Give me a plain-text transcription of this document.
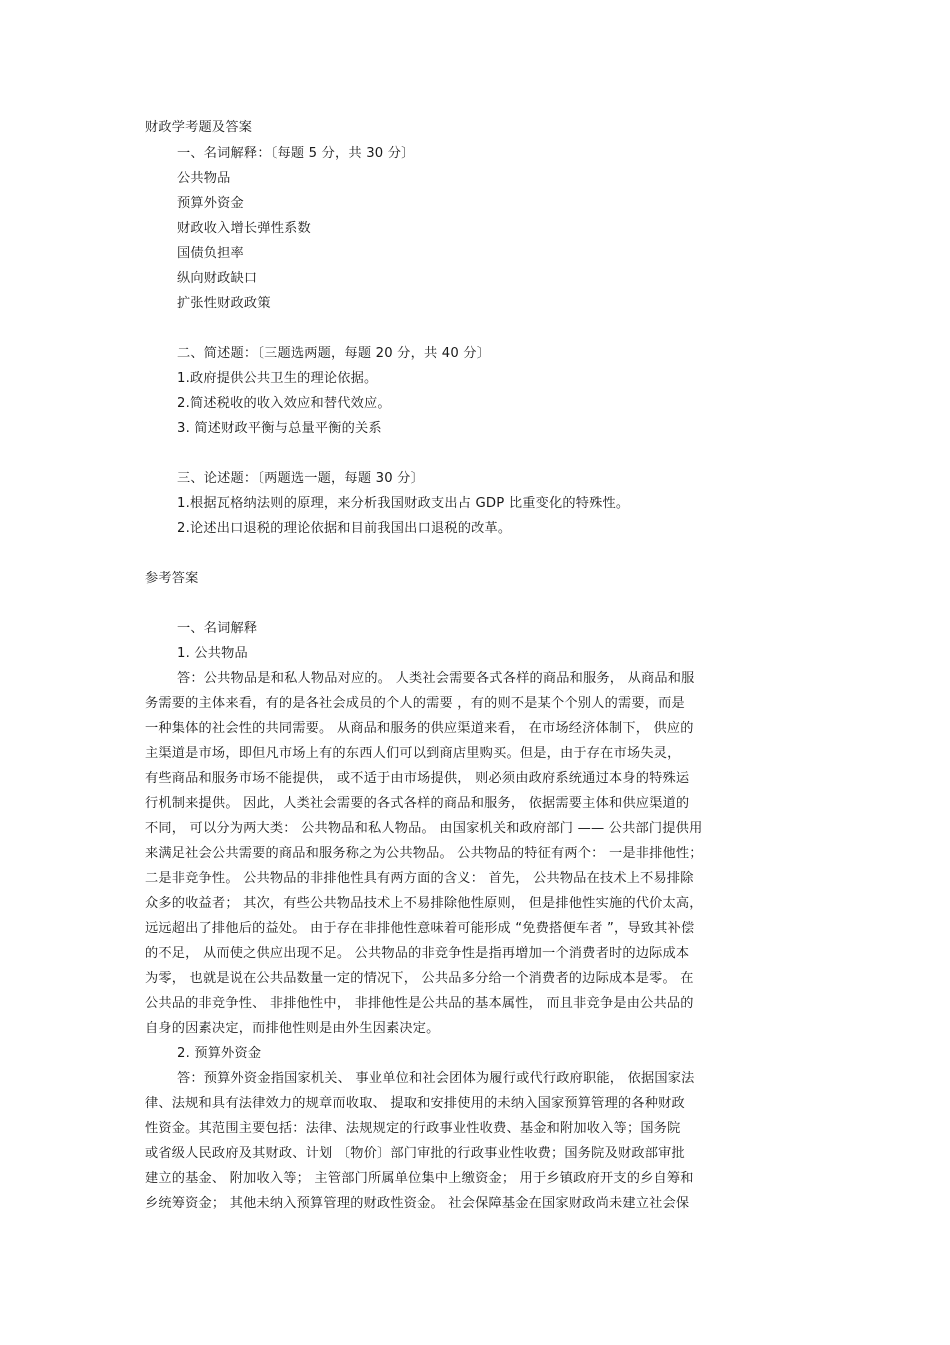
财政学考题及答案
一、名词解释：〔每题 5 分，共 30 分〕
公共物品
预算外资金
财政收入增长弹性系数
国债负担率
纵向财政缺口
扩张性财政政策
二、简述题：〔三题选两题，每题 20 分，共 40 分〕
1.政府提供公共卫生的理论依据。
2.简述税收的收入效应和替代效应。
3. 简述财政平衡与总量平衡的关系
三、论述题：〔两题选一题，每题 30 分〕
1.根据瓦格纳法则的原理，来分析我国财政支出占 GDP 比重变化的特殊性。
2.论述出口退税的理论依据和目前我国出口退税的改革。
参考答案
一、名词解释
1. 公共物品
答：公共物品是和私人物品对应的。 人类社会需要各式各样的商品和服务， 从商品和服
务需要的主体来看，有的是各社会成员的个人的需要 ，有的则不是某个个别人的需要，而是
一种集体的社会性的共同需要。 从商品和服务的供应渠道来看， 在市场经济体制下， 供应的
主渠道是市场，即但凡市场上有的东西人们可以到商店里购买。但是，由于存在市场失灵，
有些商品和服务市场不能提供， 或不适于由市场提供， 则必须由政府系统通过本身的特殊运
行机制来提供。 因此，人类社会需要的各式各样的商品和服务， 依据需要主体和供应渠道的
不同， 可以分为两大类： 公共物品和私人物品。 由国家机关和政府部门 —— 公共部门提供用
来满足社会公共需要的商品和服务称之为公共物品。 公共物品的特征有两个： 一是非排他性；
二是非竞争性。 公共物品的非排他性具有两方面的含义： 首先， 公共物品在技术上不易排除
众多的收益者； 其次，有些公共物品技术上不易排除他性原则， 但是排他性实施的代价太高，
远远超出了排他后的益处。 由于存在非排他性意味着可能形成 “免费搭便车者 ”，导致其补偿
的不足， 从而使之供应出现不足。 公共物品的非竞争性是指再增加一个消费者时的边际成本
为零， 也就是说在公共品数量一定的情况下， 公共品多分给一个消费者的边际成本是零。 在
公共品的非竞争性、 非排他性中， 非排他性是公共品的基本属性， 而且非竞争是由公共品的
自身的因素决定，而排他性则是由外生因素决定。
2. 预算外资金
答：预算外资金指国家机关、 事业单位和社会团体为履行或代行政府职能， 依据国家法
律、法规和具有法律效力的规章而收取、 提取和安排使用的未纳入国家预算管理的各种财政
性资金。其范围主要包括：法律、法规规定的行政事业性收费、基金和附加收入等；国务院
或省级人民政府及其财政、计划 〔物价〕部门审批的行政事业性收费；国务院及财政部审批
建立的基金、 附加收入等； 主管部门所属单位集中上缴资金； 用于乡镇政府开支的乡自筹和
乡统筹资金； 其他未纳入预算管理的财政性资金。 社会保障基金在国家财政尚未建立社会保
